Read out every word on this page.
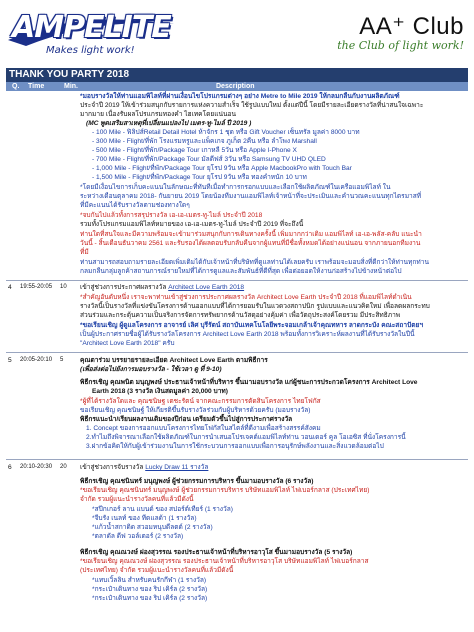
AMPELITE
Makes light work!
AA⁺ Club
the Club of light work!
THANK YOU PARTY 2018
Q. Time	Min.	Description
*มอบรางวัลให้ท่านแอมพิไลท์ที่ผ่านเงื่อนไขโปรแกรมต่างๆ อย่าง Metre to Mile 2019 ให้กลมกลืนกับงานผลิตภัณฑ์
ประจำปี 2019 ให้เข้าร่วมสนุกกับรายการแห่งความสำเร็จ ใช้รูปแบบใหม่ ตั้งแต่ปีนี้ โดยมีรายละเอียดรางวัลที่น่าสนใจเฉพาะ
มากมาย เนื่องรับผลโปรแกรมทองคำ ไฮเทคโดยแน่นอน
(MC พูดเสริมสาเหตุที่เปลี่ยนแปลงไป เมตร-ทู-ไมล์ ปี 2019 )
- 100 Mile - ฟิลิปส์Retail Detail Hotel ห้าจักร 1 ชุด หรือ Gift Voucher เซ็นทรัล มูลค่า 8000 บาท
- 300 Mile - Flight/ที่พัก โรงแรมหรูและแพ็คเกจ ภูเก็ต 2คืน หรือ ลำโพง Marshall
- 500 Mile - Flight/ที่พัก/Package Tour เกาหลี 5วัน หรือ Apple I-Phone X
- 700 Mile - Flight/ที่พัก/Package Tour มัลดีฟส์ 3วัน หรือ Samsung TV UHD QLED
- 1,000 Mile - Flight/ที่พัก/Package Tour ยุโรป 9วัน หรือ Apple MacbookPro with Touch Bar
- 1,500 Mile - Flight/ที่พัก/Package Tour ยุโรป 9วัน หรือ ทองคำหนัก 10 บาท
*โดยมีเงื่อนไขการเก็บคะแนนในลักษณะที่ทันทีเมื่อทำการกรอกแบบและเลือกใช้ผลิตภัณฑ์ในเครือแอมพิไลท์ ใน
ระหว่างเดือนตุลาคม 2018- กันยายน 2019 โดยน้องทีมงานแอมพิไลท์เจ้าหน้าที่จะประเมินและคำนวณคะแนนทุกไตรมาสที่
ที่มีคะแนนได้รับรางวัลตามช่องทางใดๆ
*จบกันไปแล้วทั้งการสรุปรางวัล เอ-เอ-เมตร-ทู-ไมล์ ประจำปี 2018
รวมทั้งโปรแกรมแอมพิไลท์หมายของ เอ-เอ-เมตร-ทู-ไมล์ ประจำปี 2019 ที่จะถึงนี้
ท่านใดที่สนใจและมีความพร้อมจะเข้ามาร่วมสนุกกับการเดินทางครั้งนี้ เพิ่มมากกว่าเดิม แอมพิไลท์ เอ-เอ-พลัส-คลับ แนะนำ
วันนี้ - สิ้นเดือนธันวาคม 2561 และรับรองได้ผลตอบรับกลับคืนจากผู้แทนที่มีชื่อทั้งหมดได้อย่างแน่นอน จากภายนอกทีมงาน
ที่มี
ท่านสามารถสอบถามรายละเอียดเพิ่มเติมได้กับเจ้าหน้าที่บริษัทที่ดูแลท่านได้เลยครับ เราพร้อมจะมอบสิ่งที่ดีกว่าให้ท่านทุกท่าน
กลมกลืนกลุ่มลูกค้าสถานการณ์รายใหม่ที่ได้การดูแลและสัมพันธ์ที่ดีที่สุด เพื่อต่อยอดให้งานก่อสร้างไปข้างหน้าต่อไป
4 19:55-20:05 10 เข้าสู่ช่วงการประกาศผลรางวัล Architect Love Earth 2018
*สำคัญอันดับหนึ่ง เราจะพาท่านเข้าสู่ช่วงการประกาศผลรางวัล Architect Love Earth ประจำปี 2018 ที่แอมพิไลท์ดำเนิน
รางวัลนี้เป็นรางวัลที่แข่งขันโครงการด้านออกแบบที่ได้การยอมรับในแวดวงสถาปนิก รูปแบบและแนวคิดใหม่ เพื่อลดผลกระทบ
ส่วนร่วมและกระตุ้นความเป็นจริงการจัดการทรัพยากรด้านวัสดุอย่างคุ้มค่า เพื่อวัตถุประสงค์โดยรวม มีประสิทธิภาพ
*ขอเรียนเชิญ ผู้ดูแลโครงการ อาจารย์ เลิศ บุรีรัตน์ สถาบันเทคโนโลยีพระจอมเกล้าเจ้าคุณทหาร ลาดกระบัง คณะสถาปัตยฯ
เป็นผู้ประกาศรายชื่อผู้ได้รับรางวัลโครงการ Architect Love Earth 2018 พร้อมทั้งการวิเคราะห์ผลงานที่ได้รับรางวัลในปีนี้
"Architect Love Earth 2018" ครับ
5 20:05-20:10 5	คุณตาร่วม บรรยายรายละเอียด Architect Love Earth ตามพิธีการ
(เพื่อส่งต่อไปยังการมอบรางวัล - ใช้เวลา ดู ที่ 9-10)
พิธีกรเชิญ คุณพนิต มนุญพงษ์ ประธานเจ้าหน้าที่บริหาร ขึ้นมามอบรางวัล แก่ผู้ชนะการประกวดโครงการ Architect Love
Earth 2018 (3 รางวัล เงินสดมูลค่า 20,000 บาท)
*ผู้ที่ได้รางวัลใดและ คุณชนิษฐ เตชะรัตน์ จากคณะกรรมการตัดสินโครงการ ไทยโฟกัส
ขอเรียนเชิญ คุณชนิษฐ์ ให้เกียรติขึ้นรับรางวัลร่วมกับผู้บริหารด้วยครับ (มอบรางวัล)
พิธีกรแนะนำ/เรียนผลงานเดิมของปีก่อน เตรียมตัวขึ้นไปสู่การประกาศรางวัล
1. Concept ของการออกแบบโครงการไทยโฟกัสในสไตล์ที่ดีงามเพื่อสร้างสรรค์สังคม
2.ทำไมถึงพิจารณาเลือกใช้ผลิตภัณฑ์ในการนำเสนอโปรเจคต์แอมพิไลท์ท่าน วอนเดอร์ คูล โอเอซิส ที่นั่งโครงการนี้
3.ฝากข้อคิดให้กับผู้เข้าร่วมงานในการใช้กระบวนการออกแบบเพื่อการอนุรักษ์พลังงานและสิ่งแวดล้อมต่อไป
6 20:10-20:30 20 เข้าสู่ช่วงการจับรางวัล Lucky Draw 11 รางวัล
พิธีกรเชิญ คุณชนินทร์ มนุญพงษ์ ผู้ช่วยกรรมการบริหาร ขึ้นมามอบรางวัล (6 รางวัล)
*ขอเรียนเชิญ คุณชนินทร์ มนุญพงษ์ ผู้ช่วยกรรมการบริหาร บริษัทแอมพิไลท์ ไฟเบอร์กลาส (ประเทศไทย)
จำกัด รวมผู้แนะนำรางวัลคนที่แล้วมีดังนี้
*สปีกเกอร์ ลาน แบนด์ ของ สปอร์ต์เทียร์ (1 รางวัล)
*จีบรัง เนลท์ ของ ทีดแลด้า (1 รางวัล)
*แก้วน้ำสกาดิด สวอมหนุบดีลตต์ (2 รางวัล)
*ตลาดัล ดีฟ วอล์เตอร์ (2 รางวัล)
พิธีกรเชิญ คุณณวงษ์ ผ่องสุวรรณ รองประธานเจ้าหน้าที่บริหารอาวุโส ขึ้นมามอบรางวัล (5 รางวัล)
*ขอเรียนเชิญ คุณณวงษ์ ผ่องสุวรรณ รองประธานเจ้าหน้าที่บริหารอาวุโส บริษัทแอมพิไลท์ ไฟเบอร์กลาส
(ประเทศไทย) จำกัด รวมผู้แนะนำรางวัลคนที่แล้วมีดังนี้
*แทบเวิ้ลลิน สำหรับคนรักกีฬา (1 รางวัล)
*กระเป๋าเดินทาง ของ ริป เคิร์ล (2 รางวัล)
*กระเป๋าเดินทาง ของ ริป เคิร์ล (2 รางวัล)
